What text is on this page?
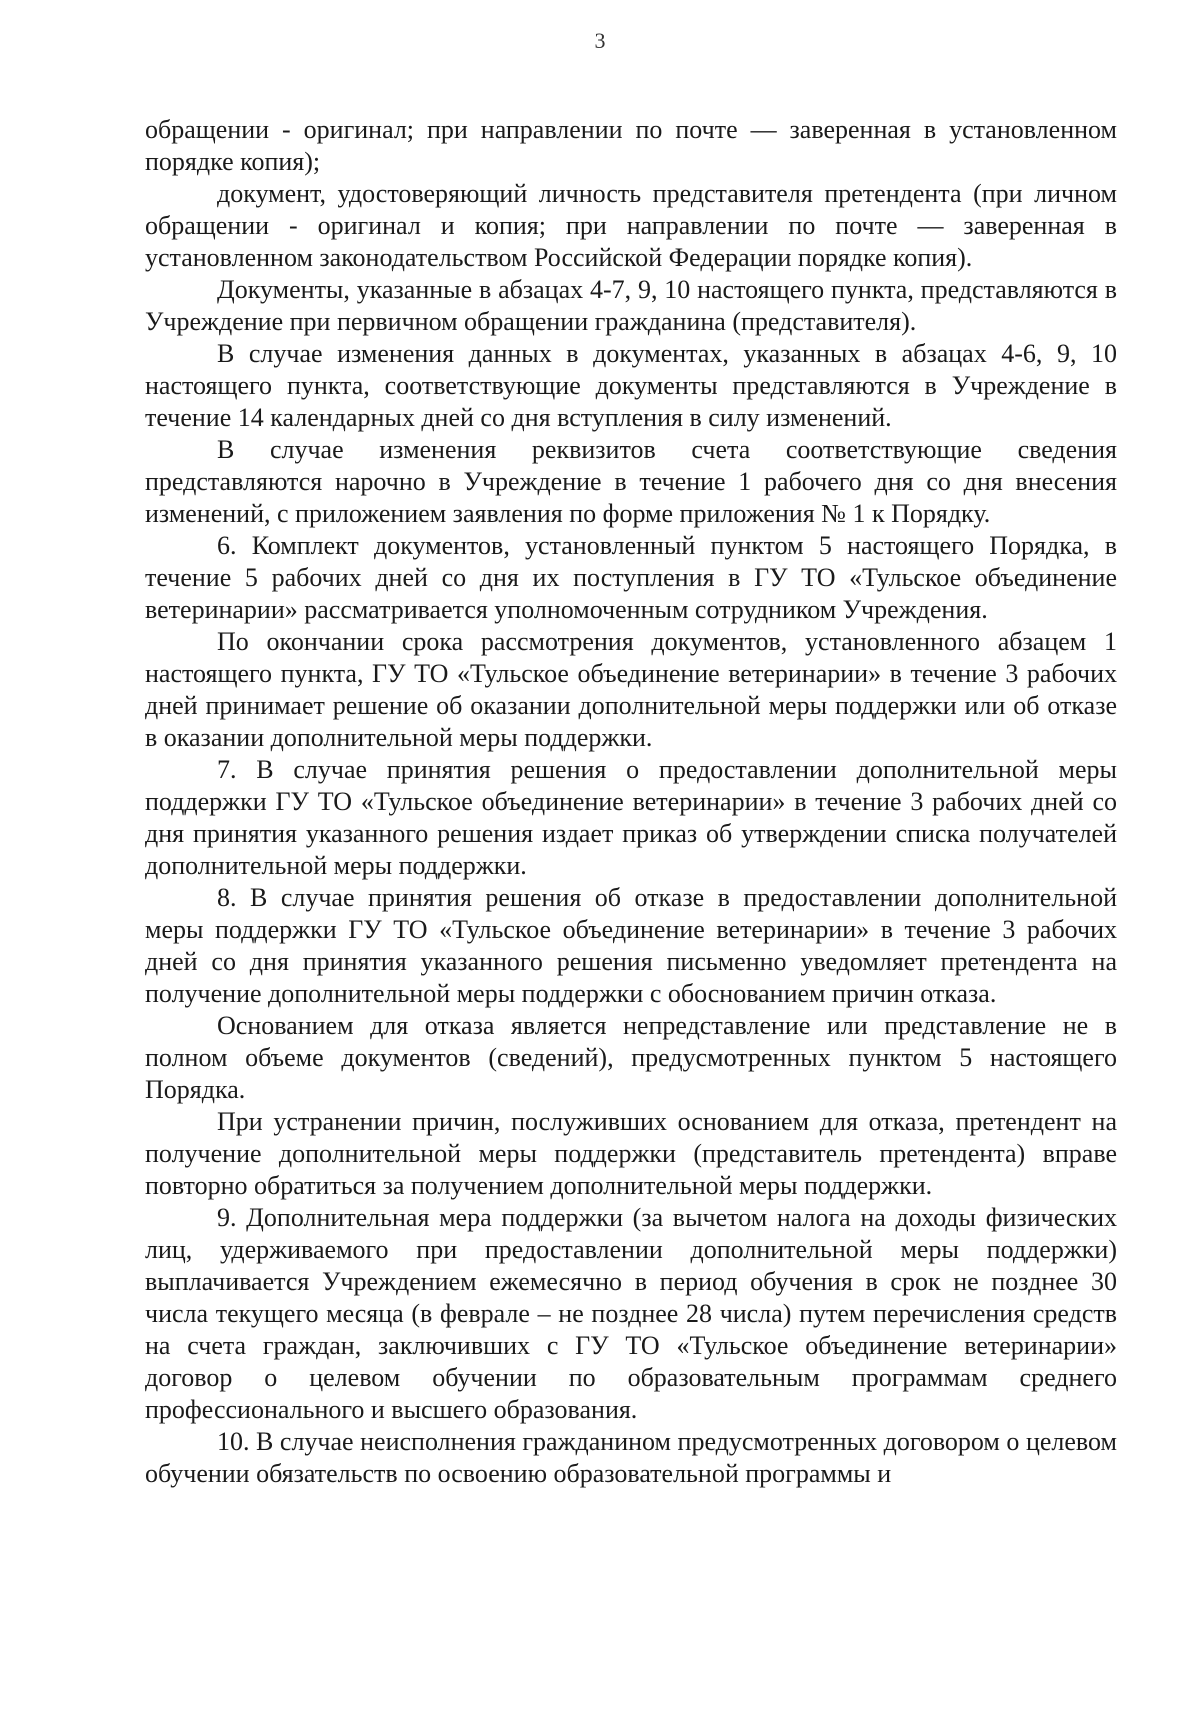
3

обращении - оригинал; при направлении по почте — заверенная в установленном порядке копия);

документ, удостоверяющий личность представителя претендента (при личном обращении - оригинал и копия; при направлении по почте — заверенная в установленном законодательством Российской Федерации порядке копия).

Документы, указанные в абзацах 4-7, 9, 10 настоящего пункта, представляются в Учреждение при первичном обращении гражданина (представителя).

В случае изменения данных в документах, указанных в абзацах 4-6, 9, 10 настоящего пункта, соответствующие документы представляются в Учреждение в течение 14 календарных дней со дня вступления в силу изменений.

В случае изменения реквизитов счета соответствующие сведения представляются нарочно в Учреждение в течение 1 рабочего дня со дня внесения изменений, с приложением заявления по форме приложения № 1 к Порядку.

6. Комплект документов, установленный пунктом 5 настоящего Порядка, в течение 5 рабочих дней со дня их поступления в ГУ ТО «Тульское объединение ветеринарии» рассматривается уполномоченным сотрудником Учреждения.

По окончании срока рассмотрения документов, установленного абзацем 1 настоящего пункта, ГУ ТО «Тульское объединение ветеринарии» в течение 3 рабочих дней принимает решение об оказании дополнительной меры поддержки или об отказе в оказании дополнительной меры поддержки.

7. В случае принятия решения о предоставлении дополнительной меры поддержки ГУ ТО «Тульское объединение ветеринарии» в течение 3 рабочих дней со дня принятия указанного решения издает приказ об утверждении списка получателей дополнительной меры поддержки.

8. В случае принятия решения об отказе в предоставлении дополнительной меры поддержки ГУ ТО «Тульское объединение ветеринарии» в течение 3 рабочих дней со дня принятия указанного решения письменно уведомляет претендента на получение дополнительной меры поддержки с обоснованием причин отказа.

Основанием для отказа является непредставление или представление не в полном объеме документов (сведений), предусмотренных пунктом 5 настоящего Порядка.

При устранении причин, послуживших основанием для отказа, претендент на получение дополнительной меры поддержки (представитель претендента) вправе повторно обратиться за получением дополнительной меры поддержки.

9. Дополнительная мера поддержки (за вычетом налога на доходы физических лиц, удерживаемого при предоставлении дополнительной меры поддержки) выплачивается Учреждением ежемесячно в период обучения в срок не позднее 30 числа текущего месяца (в феврале – не позднее 28 числа) путем перечисления средств на счета граждан, заключивших с ГУ ТО «Тульское объединение ветеринарии» договор о целевом обучении по образовательным программам среднего профессионального и высшего образования.

10. В случае неисполнения гражданином предусмотренных договором о целевом обучении обязательств по освоению образовательной программы и
